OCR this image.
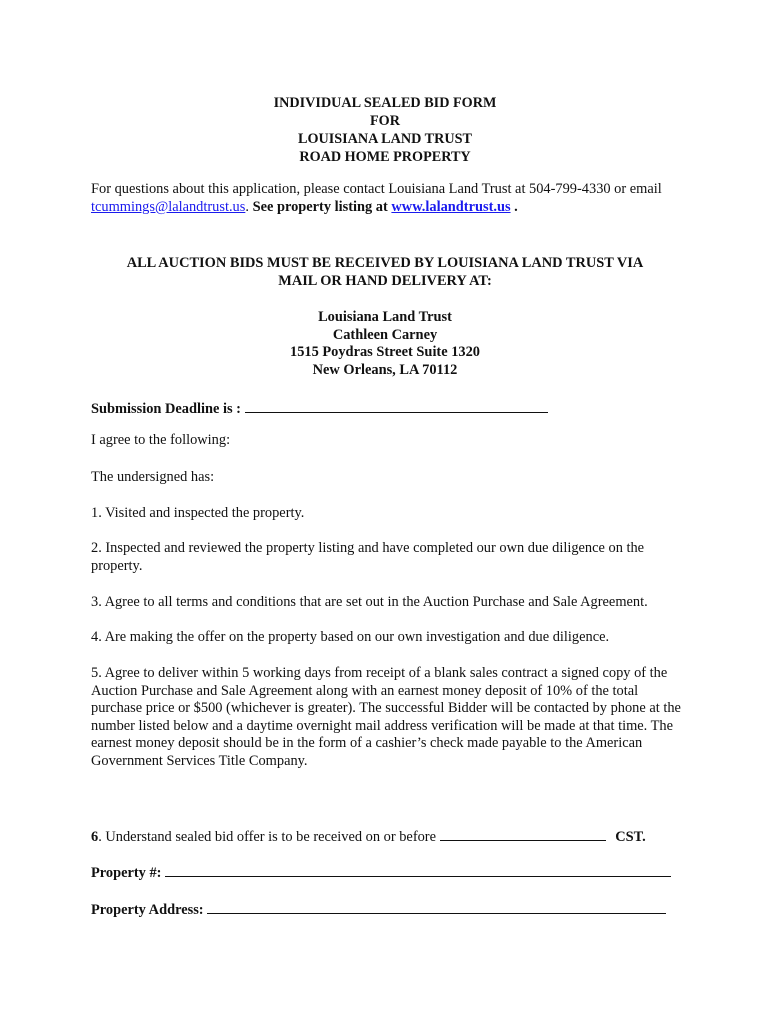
INDIVIDUAL SEALED BID FORM
FOR
LOUISIANA LAND TRUST
ROAD HOME PROPERTY
For questions about this application, please contact Louisiana Land Trust at 504-799-4330 or email tcummings@lalandtrust.us. See property listing at www.lalandtrust.us .
ALL AUCTION BIDS MUST BE RECEIVED BY LOUISIANA LAND TRUST VIA
MAIL OR HAND DELIVERY AT:
Louisiana Land Trust
Cathleen Carney
1515 Poydras Street Suite 1320
New Orleans, LA 70112
Submission Deadline is :
I agree to the following:
The undersigned has:
1. Visited and inspected the property.
2. Inspected and reviewed the property listing and have completed our own due diligence on the property.
3. Agree to all terms and conditions that are set out in the Auction Purchase and Sale Agreement.
4. Are making the offer on the property based on our own investigation and due diligence.
5. Agree to deliver within 5 working days from receipt of a blank sales contract a signed copy of the Auction Purchase and Sale Agreement along with an earnest money deposit of 10% of the total purchase price or $500 (whichever is greater). The successful Bidder will be contacted by phone at the number listed below and a daytime overnight mail address verification will be made at that time. The earnest money deposit should be in the form of a cashier’s check made payable to the American Government Services Title Company.
6. Understand sealed bid offer is to be received on or before	CST.
Property #:
Property Address:
